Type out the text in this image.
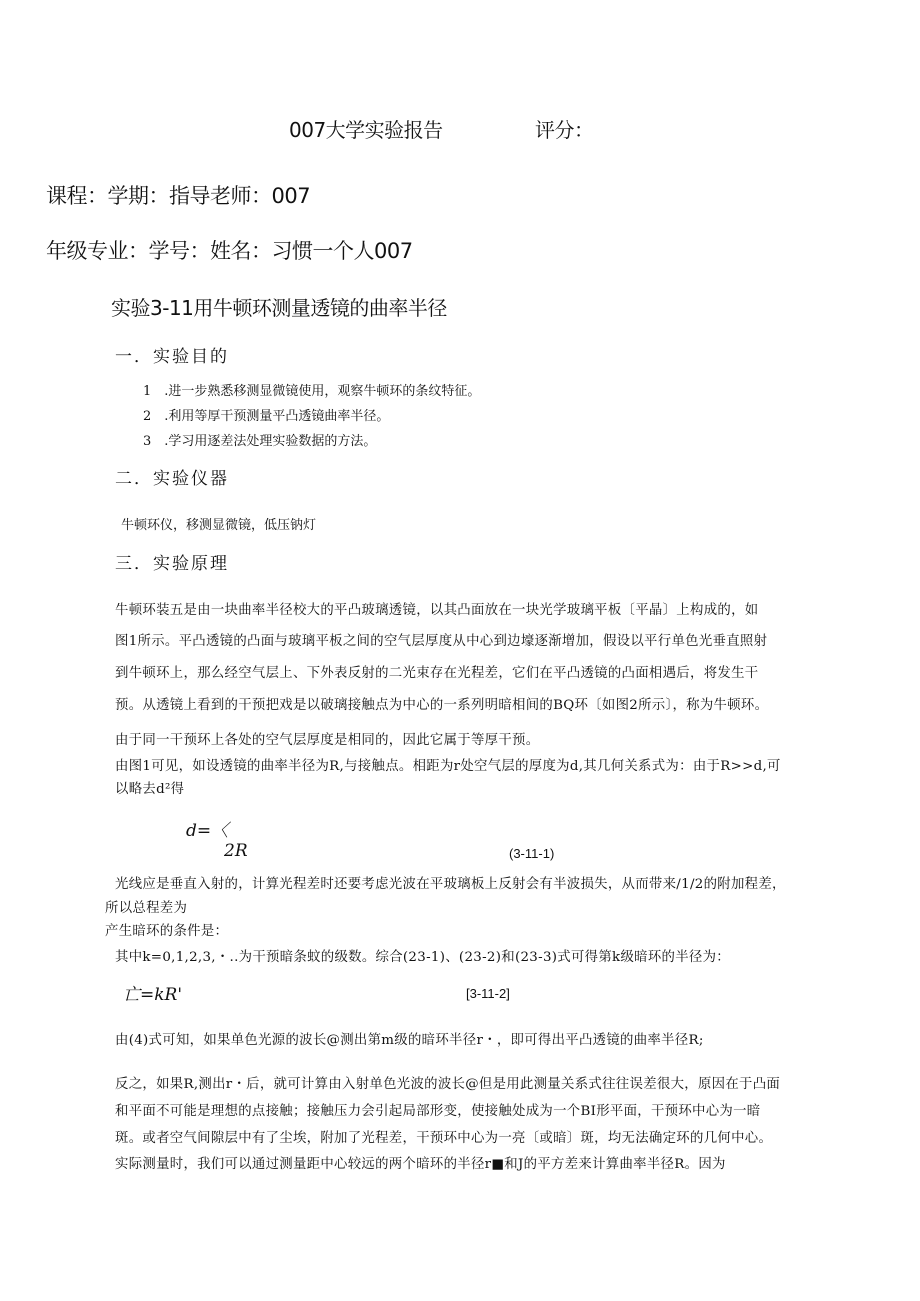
007大学实验报告	评分：
课程：学期：指导老师：007
年级专业：学号：姓名：习惯一个人007
实验3-11用牛顿环测量透镜的曲率半径
一．实验目的
1　.进一步熟悉移测显微镜使用，观察牛顿环的条纹特征。
2　.利用等厚干预测量平凸透镜曲率半径。
3　.学习用逐差法处理实验数据的方法。
二．实验仪器
牛顿环仪，移测显微镜，低压钠灯
三．实验原理
牛顿环装五是由一块曲率半径校大的平凸玻璃透镜，以其凸面放在一块光学玻璃平板〔平晶〕上构成的，如
图1所示。平凸透镜的凸面与玻璃平板之间的空气层厚度从中心到边壕逐渐增加，假设以平行单色光垂直照射
到牛顿环上，那么经空气层上、下外表反射的二光束存在光程差，它们在平凸透镜的凸面相遇后，将发生干
预。从透镜上看到的干预把戏是以破璃接触点为中心的一系列明暗相间的BQ环〔如图2所示〕，称为牛顿环。
由于同一干预环上各处的空气层厚度是相同的，因此它属于等厚干预。
由图1可见，如设透镜的曲率半径为R,与接触点。相距为r处空气层的厚度为d,其几何关系式为：由于R>>d,可
以略去d²得
d=〈
2R	(3-11-1)
光线应是垂直入射的，计算光程差时还要考虑光波在平玻璃板上反射会有半波损失，从而带来/1/2的附加程差，
所以总程差为
产生暗环的条件是：
其中k=0,1,2,3,・..为干预暗条蚊的级数。综合(23-1)、(23-2)和(23-3)式可得第k级暗环的半径为：
亡=kR'	[3-11-2]
由(4)式可知，如果单色光源的波长@测出第m级的暗环半径r・，即可得出平凸透镜的曲率半径R;
反之，如果R,测出r・后，就可计算由入射单色光波的波长@但是用此测量关系式往往误差很大，原因在于凸面
和平面不可能是理想的点接触；接触压力会引起局部形变，使接触处成为一个BI形平面，干预环中心为一暗
斑。或者空气间隙层中有了尘埃，附加了光程差，干预环中心为一亮〔或暗〕斑，均无法确定环的几何中心。
实际测量时，我们可以通过测量距中心较远的两个暗环的半径r■和J的平方差来计算曲率半径R。因为
